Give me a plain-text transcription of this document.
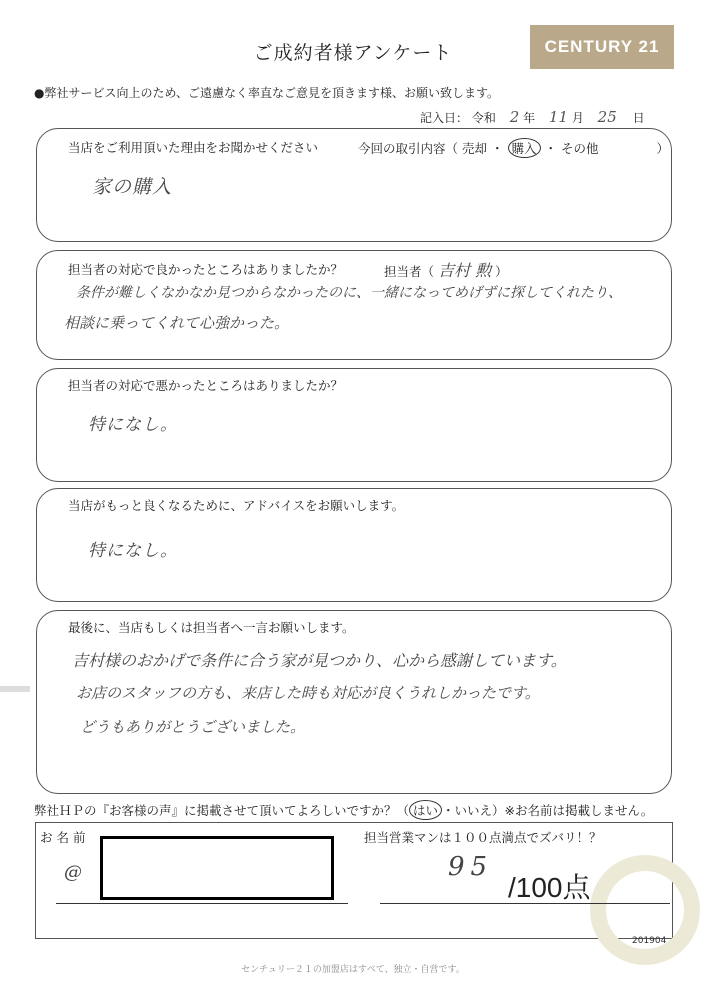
ご成約者様アンケート	CENTURY 21
●弊社サービス向上のため、ご遠慮なく率直なご意見を頂きます様、お願い致します。
記入日： 令和 2 年 11 月 25 日
当店をご利用頂いた理由をお聞かせください	今回の取引内容（ 売却 ・ 購入 ・ その他	）
家の購入
担当者の対応で良かったところはありましたか？	担当者（ 吉村 勲 ）
条件が難しくなかなか見つからなかったのに、一緒になってめげずに探してくれたり、
相談に乗ってくれて心強かった。
担当者の対応で悪かったところはありましたか？
特になし。
当店がもっと良くなるために、アドバイスをお願いします。
特になし。
最後に、当店もしくは担当者へ一言お願いします。
吉村様のおかげで条件に合う家が見つかり、心から感謝しています。
お店のスタッフの方も、来店した時も対応が良くうれしかったです。
どうもありがとうございました。
弊社ＨＰの『お客様の声』に掲載させて頂いてよろしいですか？（ はい ・いいえ）※お名前は掲載しません。
お 名 前
@
担当営業マンは１００点満点でズバリ！？
95
/100点
201904
センチュリー２１の加盟店はすべて、独立・自営です。
